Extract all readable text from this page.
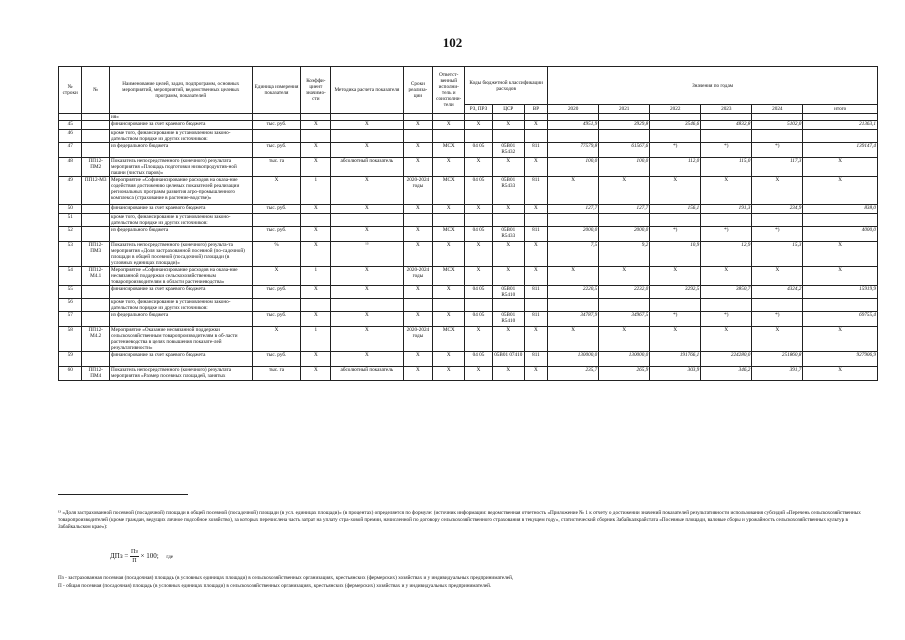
102
№ строки	№	Наименование целей, задач, подпрограмм, основных мероприятий, мероприятий, ведомственных целевых программ, показателей	Единица измерения показателя	Коэффи-циент значимо-сти	Методика расчета показателя	Сроки реализа-ции	Ответст-венный исполни-тель и соисполни-тели	Коды бюджетной классификации расходов			Значения по годам					
								РЗ, ПРЗ	ЦСР	ВР	2020	2021	2022	2023	2024	итого
		ия»														
45		финансирование за счет краевого бюджета	тыс. руб.	X	X	X	X	X	X	X	4951,9	3929,8	3546,6	4832,8	5102,0	21363,1
46		кроме того, финансирование в установленном законо-дательством порядке из других источников:														
47		из федерального бюджета	тыс. руб.	X	X	X	МСХ	04 05	05В01 R5432	811	77579,8	61567,6	*)	*)	*)	139147,4
48	ПП12-ПМ2	Показатель непосредственного (конечного) результата мероприятия «Площадь подготовки низкопродуктив-ной пашни (чистых паров)»	тыс. га	X	абсолютный показатель	X	X	X	X	X	100,0	100,0	112,0	115,0	117,3	X
49	ПП12-М3	Мероприятие «Софинансирование расходов на оказа-ние содействия достижению целевых показателей реализации региональных программ развития агро-промышленного комплекса (страхование в растение-водстве)»	X	1	X	2020-2024 годы	МСХ	04 05	05В01 R5433	811	X	X	X	X	X	X
50		финансирование за счет краевого бюджета	тыс. руб.	X	X	X	X	X	X	X	127,7	127,7	156,1	191,3	234,9	838,0
51		кроме того, финансирование в установленном законо-дательством порядке из других источников:														
52		из федерального бюджета	тыс. руб.	X	X	X	МСХ	04 05	05В01 R5433	811	2000,0	2000,0	*)	*)	*)	4000,0
53	ПП12-ПМ3	Показатель непосредственного (конечного) результа-та мероприятия «Доля застрахованной посевной (по-садочной) площади в общей посевной (посадочной) площади (в условных единицах площади)»	%	X	¹³	X	X	X	X	X	7,5	9,2	10,9	12,9	15,3	X
54	ПП12-М4.1	Мероприятие «Софинансирование расходов на оказа-ние несвязанной поддержки сельскохозяйственным товаропроизводителям в области растениеводства»	X	1	X	2020-2024 годы	МСХ	X	X	X	X	X	X	X	X	X
55		финансирование за счет краевого бюджета	тыс. руб.	X	X	X	X	04 05	05В01 R5410	811	2220,5	2232,0	3292,5	3850,7	4324,2	15919,9
56		кроме того, финансирование в установленном законо-дательством порядке из других источников:														
57		из федерального бюджета	тыс. руб.	X	X	X	X	04 05	05В01 R5410	811	34787,9	34967,5	*)	*)	*)	69755,4
58	ПП12-М4.2	Мероприятие «Оказание несвязанной поддержки сельскохозяйственным товаропроизводителям в об-ласти растениеводства в целях повышения показате-лей результативности»	X	1	X	2020-2024 годы	МСХ	X	X	X	X	X	X	X	X	X
59		финансирование за счет краевого бюджета	тыс. руб.	X	X	X	X	04 05	05В01 07410	811	130000,0	130000,0	191766,1	224280,0	251860,8	927906,9
60	ПП12-ПМ4	Показатель непосредственного (конечного) результата мероприятия «Размер посевных площадей, занятых	тыс. га	X	абсолютный показатель	X	X	X	X	X	235,7	265,9	303,9	346,2	391,7	X
¹³ «Доля застрахованной посевной (посадочной) площади в общей посевной (посадочной) площади (в усл. единицах площади)» (в процентах) определяется по формуле: (источник информации: ведомственная отчетность «Приложение № 1 к отчету о достижении значений показателей результативности использования субсидий «Перечень сельскохозяйственных товаропроизводителей (кроме граждан, ведущих личное подсобное хозяйство), за которых перечислена часть затрат на уплату стра-ховой премии, начисленной по договору сельскохозяйственного страхования в текущем году», статистический сборник Забайкалкрайстата «Посевные площади, валовые сборы и урожайность сельскохозяйственных культур в Забайкальском крае»):
ДПз = $\frac{Пз}{П} \times 100$; где
Пз - застрахованная посевная (посадочная) площадь (в условных единицах площади) в сельскохозяйственных организациях, крестьянских (фермерских) хозяйствах и у индивидуальных предпринимателей,
П - общая посевная (посадочная) площадь (в условных единицах площади) в сельскохозяйственных организациях, крестьянских (фермерских) хозяйствах и у индивидуальных предпринимателей.
